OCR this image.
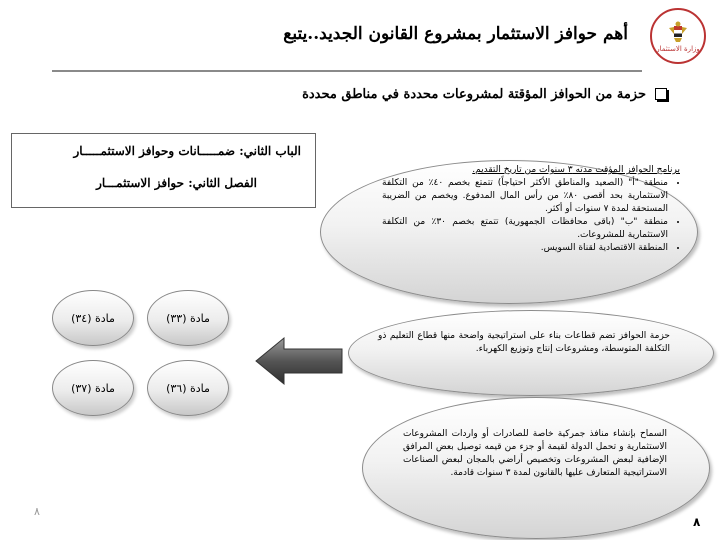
أهم حوافز الاستثمار بمشروع القانون الجديد..يتبع
وزارة الاستثمار
حزمة من الحوافز المؤقتة لمشروعات محددة في مناطق محددة
الباب الثاني: ضمـــــانات وحوافز الاستثمـــــار
الفصل الثاني: حوافز الاستثمـــار
برنامج الحوافز المؤقت مدته ٣ سنوات من تاريخ التقديم.
• منطقة "أ" (الصعيد والمناطق الأكثر احتياجاً) تتمتع بخصم ٤٠٪ من التكلفة الاستثمارية بحد أقصى ٨٠٪ من رأس المال المدفوع. ويخصم من الضريبة المستحقة لمدة ٧ سنوات أو أكثر.
• منطقة "ب" (باقى محافظات الجمهورية) تتمتع بخصم ٣٠٪ من التكلفة الاستثمارية للمشروعات.
• المنطقة الاقتصادية لقناة السويس.
حزمة الحوافز تضم قطاعات بناء على استراتيجية واضحة منها قطاع التعليم ذو التكلفة المتوسطة، ومشروعات إنتاج وتوزيع الكهرباء.
السماح بإنشاء منافذ جمركية خاصة للصادرات أو واردات المشروعات الاستثمارية و تحمل الدولة لقيمة أو جزء من قيمه توصيل بعض المرافق الإضافية لبعض المشروعات وتخصيص أراضي بالمجان لبعض الصناعات الاستراتيجية المتعارف عليها بالقانون لمدة ٣ سنوات قادمة.
مادة (٣٤)	مادة (٣٣)
مادة (٣٧)	مادة (٣٦)
٨
٨
